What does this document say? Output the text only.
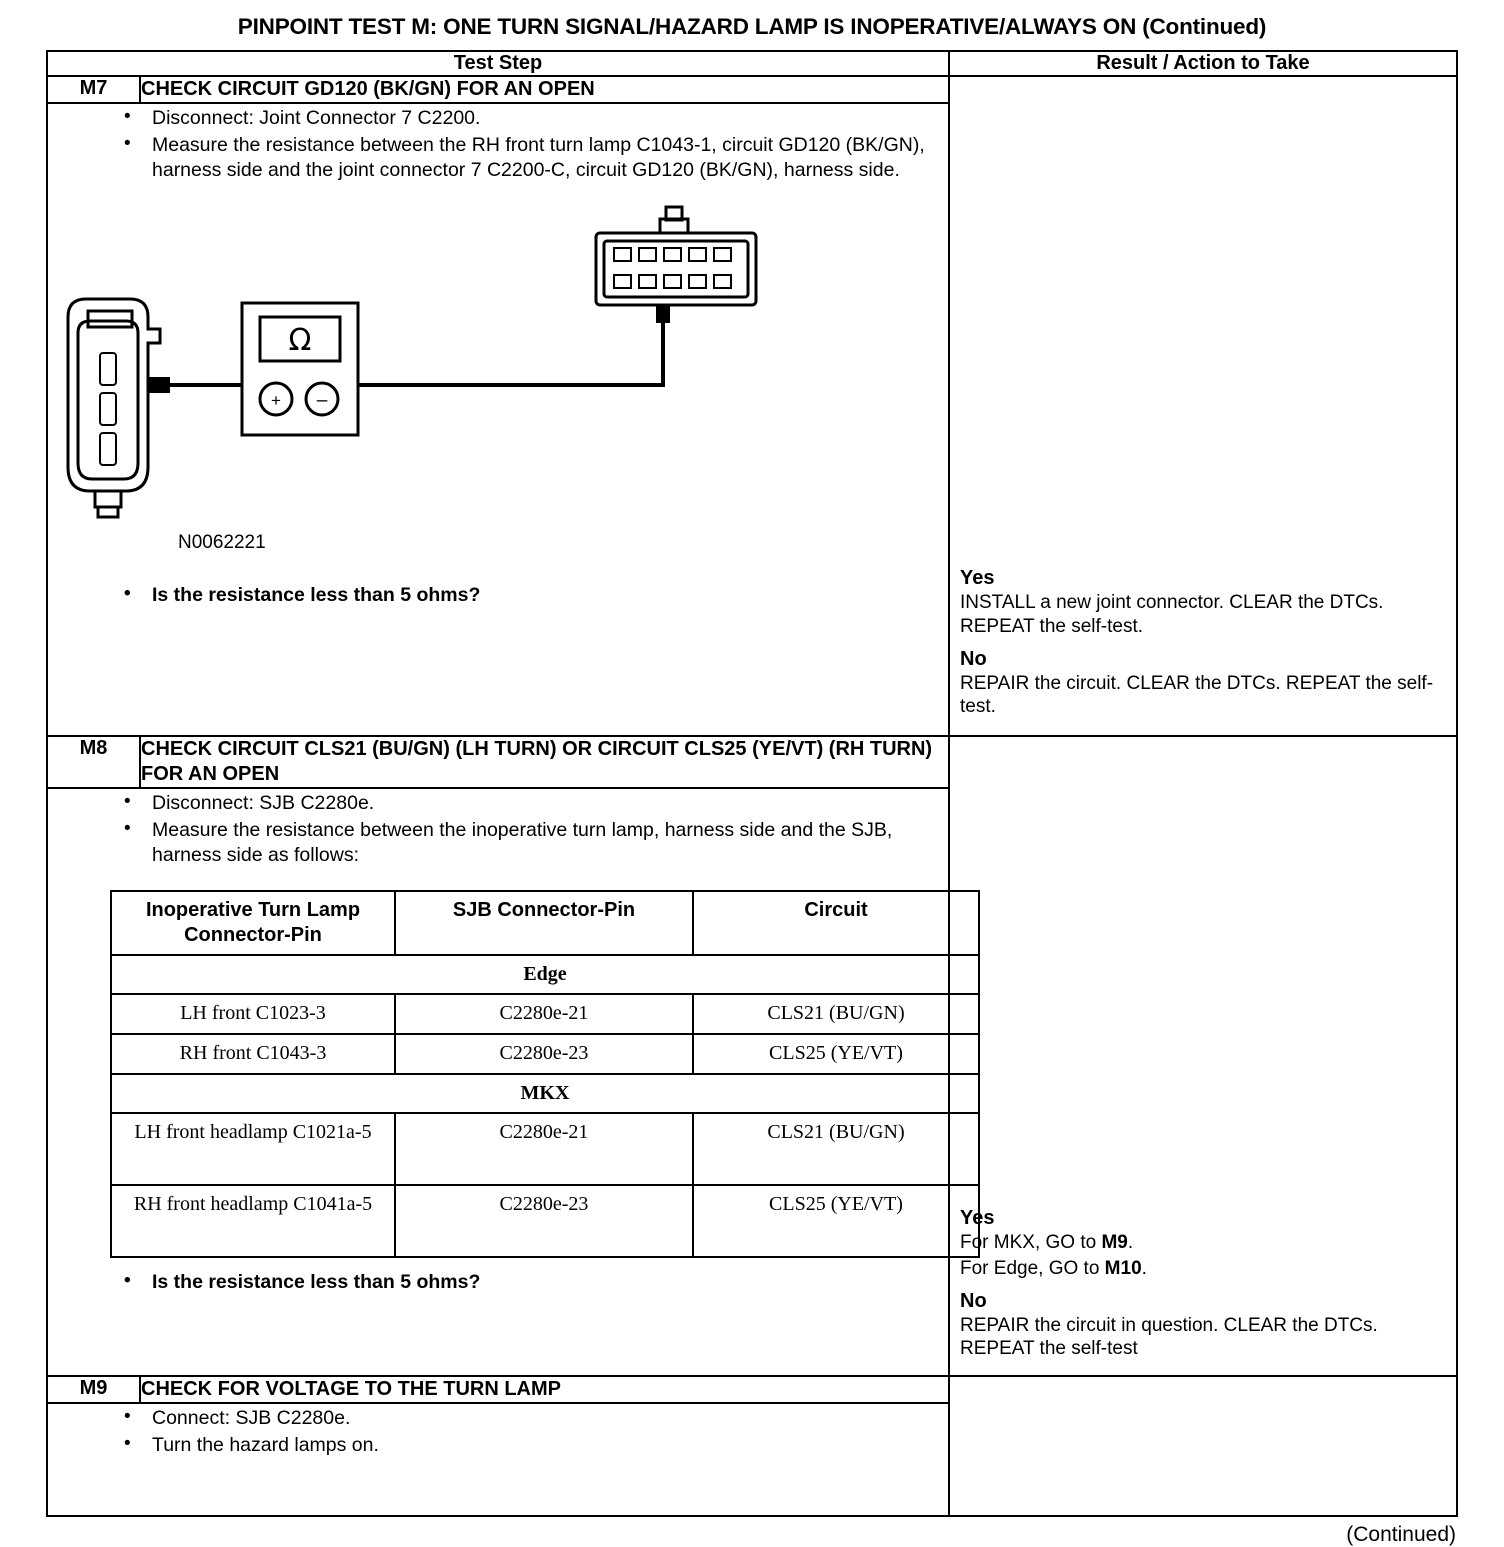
PINPOINT TEST M: ONE TURN SIGNAL/HAZARD LAMP IS INOPERATIVE/ALWAYS ON (Continued)
Test Step	Result / Action to Take

M7	CHECK CIRCUIT GD120 (BK/GN) FOR AN OPEN

• Disconnect: Joint Connector 7 C2200.
• Measure the resistance between the RH front turn lamp C1043-1, circuit GD120 (BK/GN), harness side and the joint connector 7 C2200-C, circuit GD120 (BK/GN), harness side.
Ω
+ –
N0062221
• Is the resistance less than 5 ohms?

Yes
INSTALL a new joint connector. CLEAR the DTCs. REPEAT the self-test.
No
REPAIR the circuit. CLEAR the DTCs. REPEAT the self-test.

M8	CHECK CIRCUIT CLS21 (BU/GN) (LH TURN) OR CIRCUIT CLS25 (YE/VT) (RH TURN) FOR AN OPEN

• Disconnect: SJB C2280e.
• Measure the resistance between the inoperative turn lamp, harness side and the SJB, harness side as follows:
Inoperative Turn Lamp Connector-Pin	SJB Connector-Pin	Circuit
Edge
LH front C1023-3	C2280e-21	CLS21 (BU/GN)
RH front C1043-3	C2280e-23	CLS25 (YE/VT)
MKX
LH front headlamp C1021a-5	C2280e-21	CLS21 (BU/GN)
RH front headlamp C1041a-5	C2280e-23	CLS25 (YE/VT)
• Is the resistance less than 5 ohms?

Yes
For MKX, GO to M9.
For Edge, GO to M10.
No
REPAIR the circuit in question. CLEAR the DTCs. REPEAT the self-test

M9	CHECK FOR VOLTAGE TO THE TURN LAMP

• Connect: SJB C2280e.
• Turn the hazard lamps on.

(Continued)
